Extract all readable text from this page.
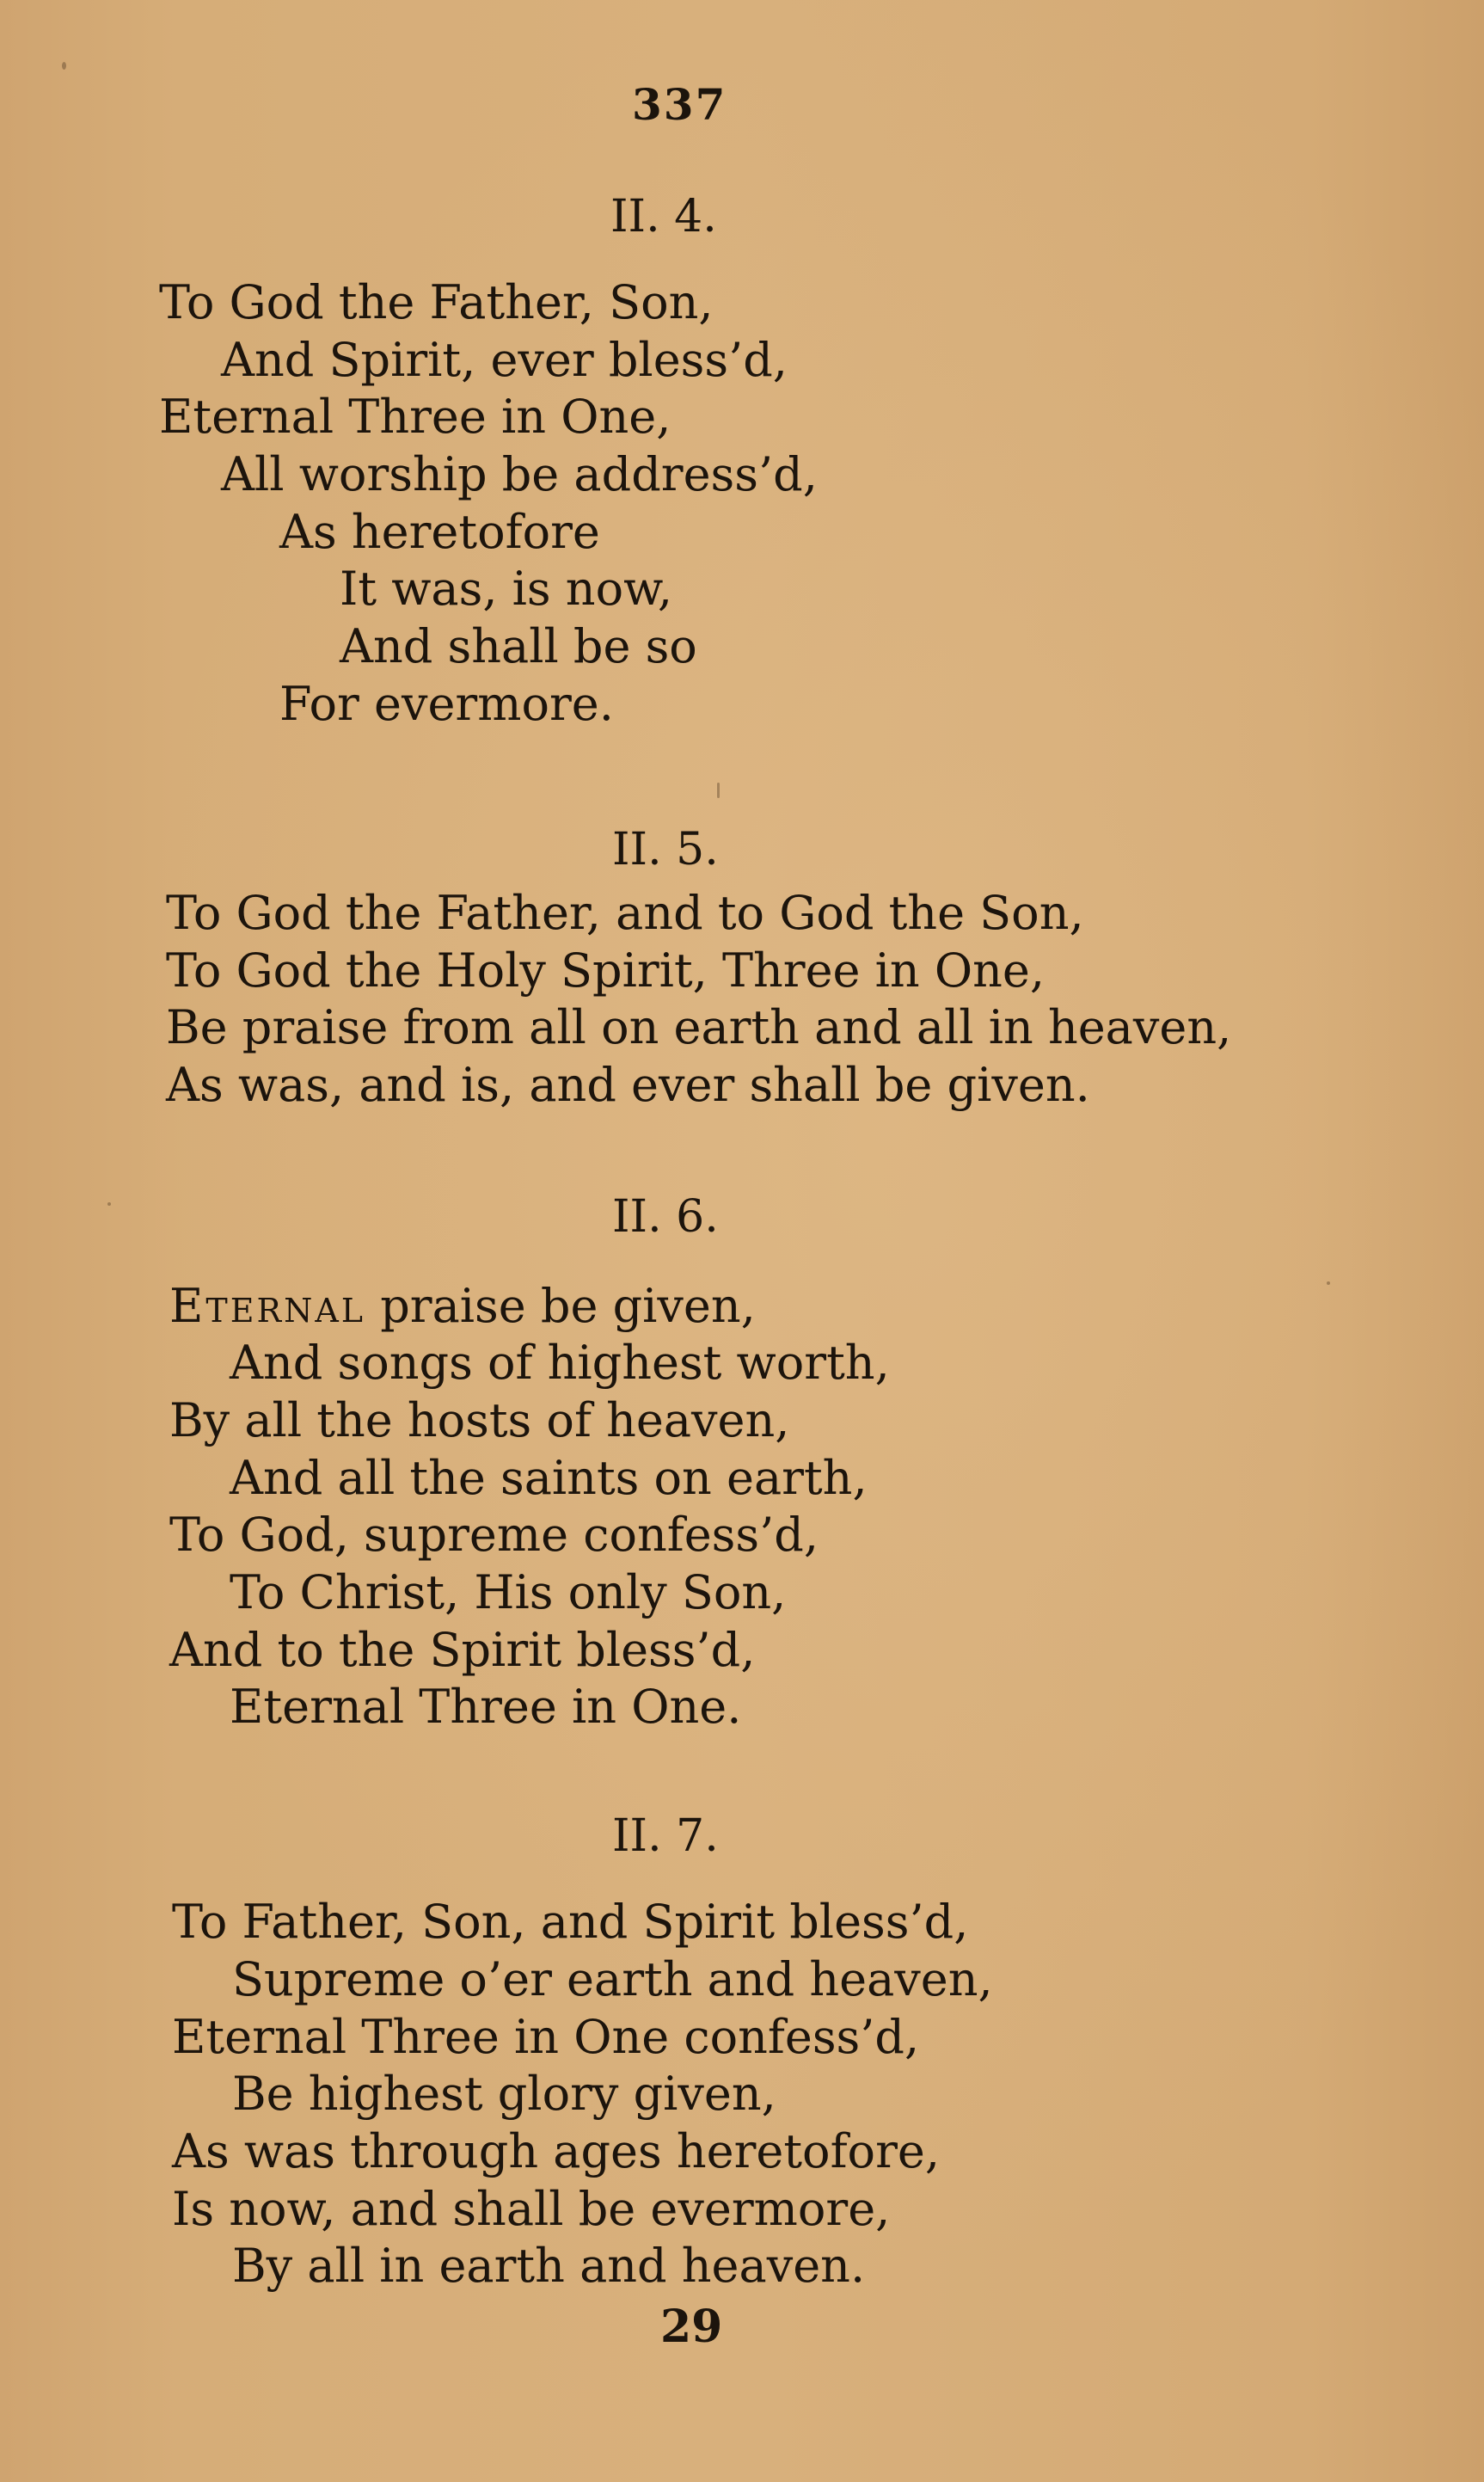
337
II. 4.
To God the Father, Son,
And Spirit, ever bless’d,
Eternal Three in One,
All worship be address’d,
As heretofore
It was, is now,
And shall be so
For evermore.
II. 5.
To God the Father, and to God the Son,
To God the Holy Spirit, Three in One,
Be praise from all on earth and all in heaven,
As was, and is, and ever shall be given.
II. 6.
Eternal praise be given,
And songs of highest worth,
By all the hosts of heaven,
And all the saints on earth,
To God, supreme confess’d,
To Christ, His only Son,
And to the Spirit bless’d,
Eternal Three in One.
II. 7.
To Father, Son, and Spirit bless’d,
Supreme o’er earth and heaven,
Eternal Three in One confess’d,
Be highest glory given,
As was through ages heretofore,
Is now, and shall be evermore,
By all in earth and heaven.
29
